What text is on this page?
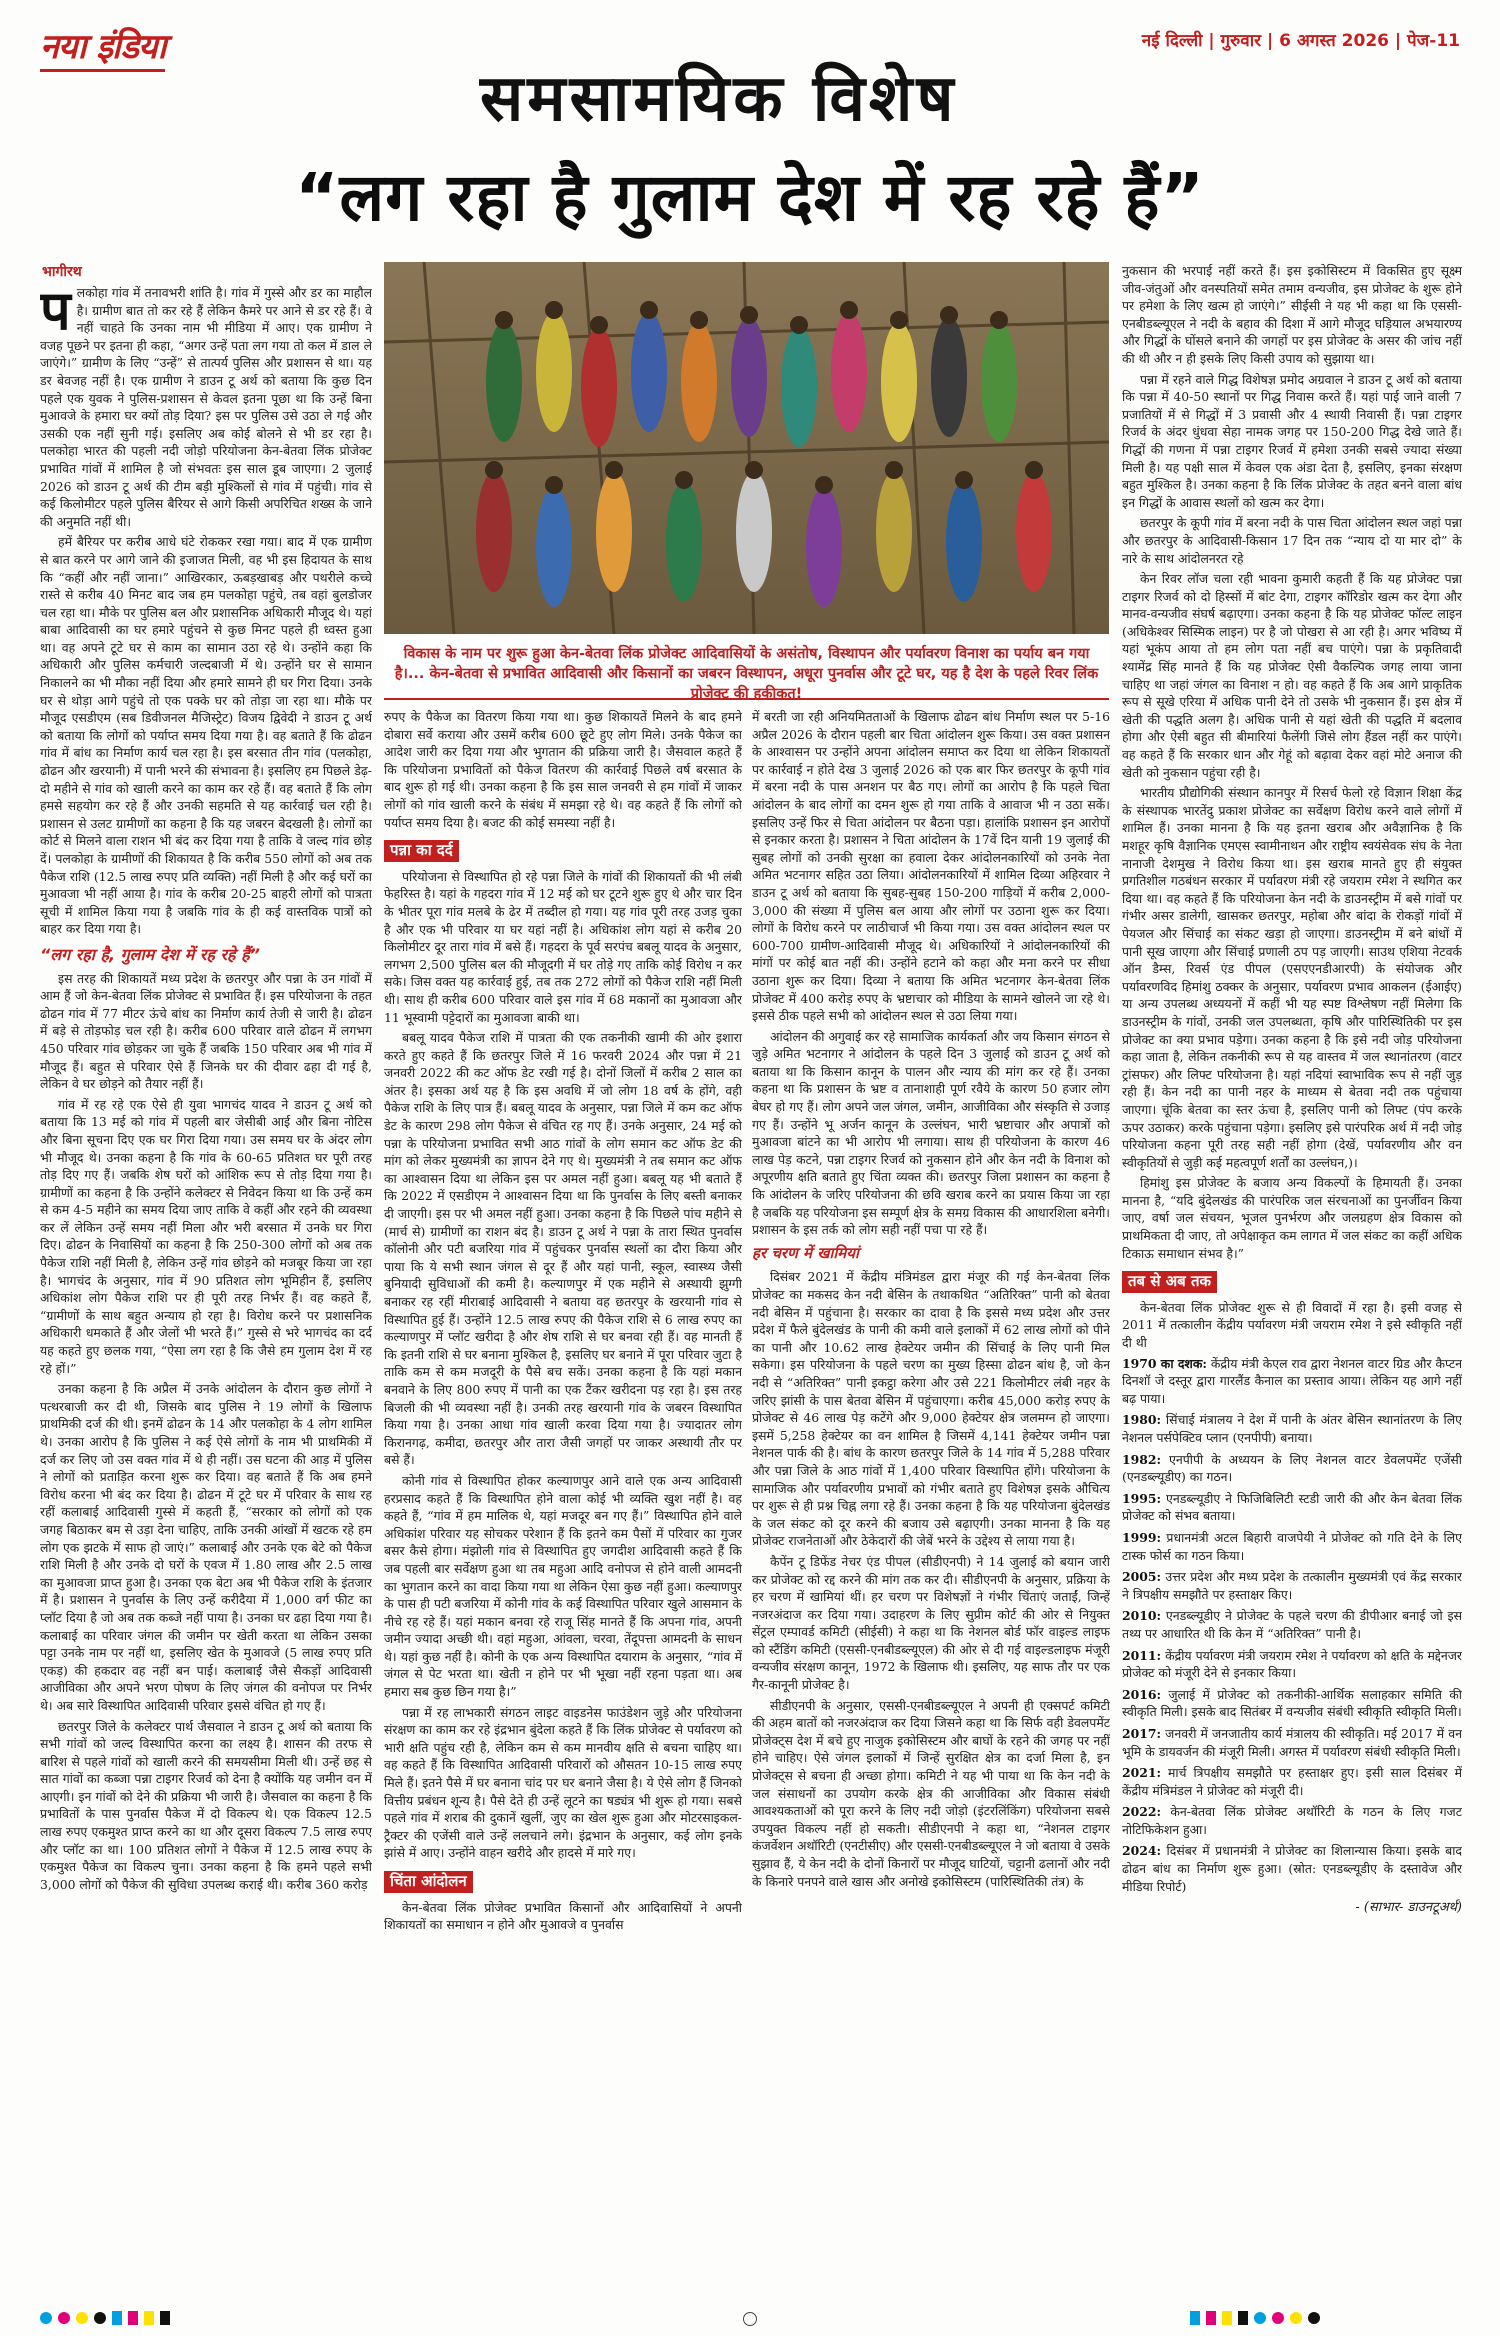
नया इंडिया
समसामयिक विशेष
नई दिल्ली | गुरुवार | 6 अगस्त 2026 | पेज-11
“लग रहा है गुलाम देश में रह रहे हैं”
भागीरथ

पलकोहा गांव में तनावभरी शांति है। गांव में गुस्से और डर का माहौल है। ग्रामीण बात तो कर रहे हैं लेकिन कैमरे पर आने से डर रहे हैं। वे नहीं चाहते कि उनका नाम भी मीडिया में आए। एक ग्रामीण ने वजह पूछने पर इतना ही कहा, “अगर उन्हें पता लग गया तो कल में डाल ले जाएंगे।” ग्रामीण के लिए “उन्हें” से तात्पर्य पुलिस और प्रशासन से था। यह डर बेवजह नहीं है। एक ग्रामीण ने डाउन टू अर्थ को बताया कि कुछ दिन पहले एक युवक ने पुलिस-प्रशासन से केवल इतना पूछा था कि उन्हें बिना मुआवजे के हमारा घर क्यों तोड़ दिया? इस पर पुलिस उसे उठा ले गई और उसकी एक नहीं सुनी गई। इसलिए अब कोई बोलने से भी डर रहा है। पलकोहा भारत की पहली नदी जोड़ो परियोजना केन-बेतवा लिंक प्रोजेक्ट प्रभावित गांवों में शामिल है जो संभवतः इस साल डूब जाएगा। 2 जुलाई 2026 को डाउन टू अर्थ की टीम बड़ी मुश्किलों से गांव में पहुंची। गांव से कई किलोमीटर पहले पुलिस बैरियर से आगे किसी अपरिचित शख्स के जाने की अनुमति नहीं थी।

हमें बैरियर पर करीब आधे घंटे रोककर रखा गया। बाद में एक ग्रामीण से बात करने पर आगे जाने की इजाजत मिली, वह भी इस हिदायत के साथ कि “कहीं और नहीं जाना।” आखिरकार, ऊबड़खाबड़ और पथरीले कच्चे रास्ते से करीब 40 मिनट बाद जब हम पलकोहा पहुंचे, तब वहां बुलडोजर चल रहा था। मौके पर पुलिस बल और प्रशासनिक अधिकारी मौजूद थे। यहां बाबा आदिवासी का घर हमारे पहुंचने से कुछ मिनट पहले ही ध्वस्त हुआ था। वह अपने टूटे घर से काम का सामान उठा रहे थे। उन्होंने कहा कि अधिकारी और पुलिस कर्मचारी जल्दबाजी में थे। उन्होंने घर से सामान निकालने का भी मौका नहीं दिया और हमारे सामने ही घर गिरा दिया। उनके घर से थोड़ा आगे पहुंचे तो एक पक्के घर को तोड़ा जा रहा था। मौके पर मौजूद एसडीएम (सब डिवीजनल मैजिस्ट्रेट) विजय द्विवेदी ने डाउन टू अर्थ को बताया कि लोगों को पर्याप्त समय दिया गया है। वह बताते हैं कि ढोढन गांव में बांध का निर्माण कार्य चल रहा है। इस बरसात तीन गांव (पलकोहा, ढोढन और खरयानी) में पानी भरने की संभावना है। इसलिए हम पिछले डेढ़-दो महीने से गांव को खाली करने का काम कर रहे हैं। वह बताते हैं कि लोग हमसे सहयोग कर रहे हैं और उनकी सहमति से यह कार्रवाई चल रही है। प्रशासन से उलट ग्रामीणों का कहना है कि यह जबरन बेदखली है। लोगों का कोर्ट से मिलने वाला राशन भी बंद कर दिया गया है ताकि वे जल्द गांव छोड़ दें। पलकोहा के ग्रामीणों की शिकायत है कि करीब 550 लोगों को अब तक पैकेज राशि (12.5 लाख रुपए प्रति व्यक्ति) नहीं मिली है और कई घरों का मुआवजा भी नहीं आया है। गांव के करीब 20-25 बाहरी लोगों को पात्रता सूची में शामिल किया गया है जबकि गांव के ही कई वास्तविक पात्रों को बाहर कर दिया गया है।

“लग रहा है, गुलाम देश में रह रहे हैं”

इस तरह की शिकायतें मध्य प्रदेश के छतरपुर और पन्ना के उन गांवों में आम हैं जो केन-बेतवा लिंक प्रोजेक्ट से प्रभावित हैं। इस परियोजना के तहत ढोढन गांव में 77 मीटर ऊंचे बांध का निर्माण कार्य तेजी से जारी है। ढोढन में बड़े से तोड़फोड़ चल रही है। करीब 600 परिवार वाले ढोढन में लगभग 450 परिवार गांव छोड़कर जा चुके हैं जबकि 150 परिवार अब भी गांव में मौजूद हैं। बहुत से परिवार ऐसे हैं जिनके घर की दीवार ढहा दी गई है, लेकिन वे घर छोड़ने को तैयार नहीं हैं।

गांव में रह रहे एक ऐसे ही युवा भागचंद यादव ने डाउन टू अर्थ को बताया कि 13 मई को गांव में पहली बार जेसीबी आई और बिना नोटिस और बिना सूचना दिए एक घर गिरा दिया गया। उस समय घर के अंदर लोग भी मौजूद थे। उनका कहना है कि गांव के 60-65 प्रतिशत घर पूरी तरह तोड़ दिए गए हैं। जबकि शेष घरों को आंशिक रूप से तोड़ दिया गया है। ग्रामीणों का कहना है कि उन्होंने कलेक्टर से निवेदन किया था कि उन्हें कम से कम 4-5 महीने का समय दिया जाए ताकि वे कहीं और रहने की व्यवस्था कर लें लेकिन उन्हें समय नहीं मिला और भरी बरसात में उनके घर गिरा दिए। ढोढन के निवासियों का कहना है कि 250-300 लोगों को अब तक पैकेज राशि नहीं मिली है, लेकिन उन्हें गांव छोड़ने को मजबूर किया जा रहा है। भागचंद के अनुसार, गांव में 90 प्रतिशत लोग भूमिहीन हैं, इसलिए अधिकांश लोग पैकेज राशि पर ही पूरी तरह निर्भर हैं। वह कहते हैं, “ग्रामीणों के साथ बहुत अन्याय हो रहा है। विरोध करने पर प्रशासनिक अधिकारी धमकाते हैं और जेलों भी भरते हैं।” गुस्से से भरे भागचंद का दर्द यह कहते हुए छलक गया, “ऐसा लग रहा है कि जैसे हम गुलाम देश में रह रहे हों।”

उनका कहना है कि अप्रैल में उनके आंदोलन के दौरान कुछ लोगों ने पत्थरबाजी कर दी थी, जिसके बाद पुलिस ने 19 लोगों के खिलाफ प्राथमिकी दर्ज की थी। इनमें ढोढन के 14 और पलकोहा के 4 लोग शामिल थे। उनका आरोप है कि पुलिस ने कई ऐसे लोगों के नाम भी प्राथमिकी में दर्ज कर लिए जो उस वक्त गांव में थे ही नहीं। उस घटना की आड़ में पुलिस ने लोगों को प्रताड़ित करना शुरू कर दिया। वह बताते हैं कि अब हमने विरोध करना भी बंद कर दिया है। ढोढन में टूटे घर में परिवार के साथ रह रहीं कलाबाई आदिवासी गुस्से में कहती हैं, “सरकार को लोगों को एक जगह बिठाकर बम से उड़ा देना चाहिए, ताकि उनकी आंखों में खटक रहे हम लोग एक झटके में साफ हो जाएं।” कलाबाई और उनके एक बेटे को पैकेज राशि मिली है और उनके दो घरों के एवज में 1.80 लाख और 2.5 लाख का मुआवजा प्राप्त हुआ है। उनका एक बेटा अब भी पैकेज राशि के इंतजार में है। प्रशासन ने पुनर्वास के लिए उन्हें करीदैया में 1,000 वर्ग फीट का प्लॉट दिया है जो अब तक कब्जे नहीं पाया है। उनका घर ढहा दिया गया है। कलाबाई का परिवार जंगल की जमीन पर खेती करता था लेकिन उसका पट्टा उनके नाम पर नहीं था, इसलिए खेत के मुआवजे (5 लाख रुपए प्रति एकड़) की हकदार वह नहीं बन पाई। कलाबाई जैसे सैकड़ों आदिवासी आजीविका और अपने भरण पोषण के लिए जंगल की वनोपज पर निर्भर थे। अब सारे विस्थापित आदिवासी परिवार इससे वंचित हो गए हैं।

छतरपुर जिले के कलेक्टर पार्थ जैसवाल ने डाउन टू अर्थ को बताया कि सभी गांवों को जल्द विस्थापित करना का लक्ष्य है। शासन की तरफ से बारिश से पहले गांवों को खाली करने की समयसीमा मिली थी। उन्हें छह से सात गांवों का कब्जा पन्ना टाइगर रिजर्व को देना है क्योंकि यह जमीन वन में आएगी। इन गांवों को देने की प्रक्रिया भी जारी है। जैसवाल का कहना है कि प्रभावितों के पास पुनर्वास पैकेज में दो विकल्प थे। एक विकल्प 12.5 लाख रुपए एकमुश्त प्राप्त करने का था और दूसरा विकल्प 7.5 लाख रुपए और प्लॉट का था। 100 प्रतिशत लोगों ने पैकेज में 12.5 लाख रुपए के एकमुश्त पैकेज का विकल्प चुना। उनका कहना है कि हमने पहले सभी 3,000 लोगों को पैकेज की सुविधा उपलब्ध कराई थी। करीब 360 करोड़

विकास के नाम पर शुरू हुआ केन-बेतवा लिंक प्रोजेक्ट आदिवासियों के असंतोष, विस्थापन और पर्यावरण विनाश का पर्याय बन गया है।... केन-बेतवा से प्रभावित आदिवासी और किसानों का जबरन विस्थापन, अधूरा पुनर्वास और टूटे घर, यह है देश के पहले रिवर लिंक प्रोजेक्ट की हकीकत!

रुपए के पैकेज का वितरण किया गया था। कुछ शिकायतें मिलने के बाद हमने दोबारा सर्वे कराया और उसमें करीब 600 छूटे हुए लोग मिले। उनके पैकेज का आदेश जारी कर दिया गया और भुगतान की प्रक्रिया जारी है। जैसवाल कहते हैं कि परियोजना प्रभावितों को पैकेज वितरण की कार्रवाई पिछले वर्ष बरसात के बाद शुरू हो गई थी। उनका कहना है कि इस साल जनवरी से हम गांवों में जाकर लोगों को गांव खाली करने के संबंध में समझा रहे थे। वह कहते हैं कि लोगों को पर्याप्त समय दिया है। बजट की कोई समस्या नहीं है।

पन्ना का दर्द

परियोजना से विस्थापित हो रहे पन्ना जिले के गांवों की शिकायतों की भी लंबी फेहरिस्त है। यहां के गहदरा गांव में 12 मई को घर टूटने शुरू हुए थे और चार दिन के भीतर पूरा गांव मलबे के ढेर में तब्दील हो गया। यह गांव पूरी तरह उजड़ चुका है और एक भी परिवार या घर यहां नहीं है। अधिकांश लोग यहां से करीब 20 किलोमीटर दूर तारा गांव में बसे हैं। गहदरा के पूर्व सरपंच बबलू यादव के अनुसार, लगभग 2,500 पुलिस बल की मौजूदगी में घर तोड़े गए ताकि कोई विरोध न कर सके। जिस वक्त यह कार्रवाई हुई, तब तक 272 लोगों को पैकेज राशि नहीं मिली थी। साथ ही करीब 600 परिवार वाले इस गांव में 68 मकानों का मुआवजा और 11 भूस्वामी पट्टेदारों का मुआवजा बाकी था।

बबलू यादव पैकेज राशि में पात्रता की एक तकनीकी खामी की ओर इशारा करते हुए कहते हैं कि छतरपुर जिले में 16 फरवरी 2024 और पन्ना में 21 जनवरी 2022 की कट ऑफ डेट रखी गई है। दोनों जिलों में करीब 2 साल का अंतर है। इसका अर्थ यह है कि इस अवधि में जो लोग 18 वर्ष के होंगे, वही पैकेज राशि के लिए पात्र हैं। बबलू यादव के अनुसार, पन्ना जिले में कम कट ऑफ डेट के कारण 298 लोग पैकेज से वंचित रह गए हैं। उनके अनुसार, 24 मई को पन्ना के परियोजना प्रभावित सभी आठ गांवों के लोग समान कट ऑफ डेट की मांग को लेकर मुख्यमंत्री का ज्ञापन देने गए थे। मुख्यमंत्री ने तब समान कट ऑफ का आश्वासन दिया था लेकिन इस पर अमल नहीं हुआ। बबलू यह भी बताते हैं कि 2022 में एसडीएम ने आश्वासन दिया था कि पुनर्वास के लिए बस्ती बनाकर दी जाएगी। इस पर भी अमल नहीं हुआ। उनका कहना है कि पिछले पांच महीने से (मार्च से) ग्रामीणों का राशन बंद है। डाउन टू अर्थ ने पन्ना के तारा स्थित पुनर्वास कॉलोनी और पटी बजरिया गांव में पहुंचकर पुनर्वास स्थलों का दौरा किया और पाया कि ये सभी स्थान जंगल से दूर हैं और यहां पानी, स्कूल, स्वास्थ्य जैसी बुनियादी सुविधाओं की कमी है। कल्याणपुर में एक महीने से अस्थायी झुग्गी बनाकर रह रहीं मीराबाई आदिवासी ने बताया वह छतरपुर के खरयानी गांव से विस्थापित हुई हैं। उन्होंने 12.5 लाख रुपए की पैकेज राशि से 6 लाख रुपए का कल्याणपुर में प्लॉट खरीदा है और शेष राशि से घर बनवा रही हैं। वह मानती हैं कि इतनी राशि से घर बनाना मुश्किल है, इसलिए घर बनाने में पूरा परिवार जुटा है ताकि कम से कम मजदूरी के पैसे बच सकें। उनका कहना है कि यहां मकान बनवाने के लिए 800 रुपए में पानी का एक टैंकर खरीदना पड़ रहा है। इस तरह बिजली की भी व्यवस्था नहीं है। उनकी तरह खरयानी गांव के जबरन विस्थापित किया गया है। उनका आधा गांव खाली करवा दिया गया है। ज्यादातर लोग किरानगढ़, कमीदा, छतरपुर और तारा जैसी जगहों पर जाकर अस्थायी तौर पर बसे हैं।

कोनी गांव से विस्थापित होकर कल्याणपुर आने वाले एक अन्य आदिवासी हरप्रसाद कहते हैं कि विस्थापित होने वाला कोई भी व्यक्ति खुश नहीं है। वह कहते हैं, “गांव में हम मालिक थे, यहां मजदूर बन गए हैं।” विस्थापित होने वाले अधिकांश परिवार यह सोचकर परेशान हैं कि इतने कम पैसों में परिवार का गुजर बसर कैसे होगा। मंझोली गांव से विस्थापित हुए जगदीश आदिवासी कहते हैं कि जब पहली बार सर्वेक्षण हुआ था तब महुआ आदि वनोपज से होने वाली आमदनी का भुगतान करने का वादा किया गया था लेकिन ऐसा कुछ नहीं हुआ। कल्याणपुर के पास ही पटी बजरिया में कोनी गांव के कई विस्थापित परिवार खुले आसमान के नीचे रह रहे हैं। यहां मकान बनवा रहे राजू सिंह मानते हैं कि अपना गांव, अपनी जमीन ज्यादा अच्छी थी। वहां महुआ, आंवला, चरवा, तेंदूपत्ता आमदनी के साधन थे। यहां कुछ नहीं है। कोनी के एक अन्य विस्थापित दयाराम के अनुसार, “गांव में जंगल से पेट भरता था। खेती न होने पर भी भूखा नहीं रहना पड़ता था। अब हमारा सब कुछ छिन गया है।”

पन्ना में रह लाभकारी संगठन लाइट वाइडनेस फाउंडेशन जुड़े और परियोजना संरक्षण का काम कर रहे इंद्रभान बुंदेला कहते हैं कि लिंक प्रोजेक्ट से पर्यावरण को भारी क्षति पहुंच रही है, लेकिन कम से कम मानवीय क्षति से बचना चाहिए था। वह कहते हैं कि विस्थापित आदिवासी परिवारों को औसतन 10-15 लाख रुपए मिले हैं। इतने पैसे में घर बनाना चांद पर घर बनाने जैसा है। ये ऐसे लोग हैं जिनको वित्तीय प्रबंधन शून्य है। पैसे देते ही उन्हें लूटने का षड्यंत्र भी शुरू हो गया। सबसे पहले गांव में शराब की दुकानें खुलीं, जुए का खेल शुरू हुआ और मोटरसाइकल-ट्रैक्टर की एजेंसी वाले उन्हें ललचाने लगे। इंद्रभान के अनुसार, कई लोग इनके झांसे में आए। उन्होंने वाहन खरीदे और हादसे में मारे गए।

चिंता आंदोलन

केन-बेतवा लिंक प्रोजेक्ट प्रभावित किसानों और आदिवासियों ने अपनी शिकायतों का समाधान न होने और मुआवजे व पुनर्वास

में बरती जा रही अनियमितताओं के खिलाफ ढोढन बांध निर्माण स्थल पर 5-16 अप्रैल 2026 के दौरान पहली बार चिता आंदोलन शुरू किया। उस वक्त प्रशासन के आश्वासन पर उन्होंने अपना आंदोलन समाप्त कर दिया था लेकिन शिकायतों पर कार्रवाई न होते देख 3 जुलाई 2026 को एक बार फिर छतरपुर के कूपी गांव में बरना नदी के पास अनशन पर बैठ गए। लोगों का आरोप है कि पहले चिता आंदोलन के बाद लोगों का दमन शुरू हो गया ताकि वे आवाज भी न उठा सकें। इसलिए उन्हें फिर से चिता आंदोलन पर बैठना पड़ा। हालांकि प्रशासन इन आरोपों से इनकार करता है। प्रशासन ने चिता आंदोलन के 17वें दिन यानी 19 जुलाई की सुबह लोगों को उनकी सुरक्षा का हवाला देकर आंदोलनकारियों को उनके नेता अमित भटनागर सहित उठा लिया। आंदोलनकारियों में शामिल दिव्या अहिरवार ने डाउन टू अर्थ को बताया कि सुबह-सुबह 150-200 गाड़ियों में करीब 2,000-3,000 की संख्या में पुलिस बल आया और लोगों पर उठाना शुरू कर दिया। लोगों के विरोध करने पर लाठीचार्ज भी किया गया। उस वक्त आंदोलन स्थल पर 600-700 ग्रामीण-आदिवासी मौजूद थे। अधिकारियों ने आंदोलनकारियों की मांगों पर कोई बात नहीं की। उन्होंने हटाने को कहा और मना करने पर सीधा उठाना शुरू कर दिया। दिव्या ने बताया कि अमित भटनागर केन-बेतवा लिंक प्रोजेक्ट में 400 करोड़ रुपए के भ्रष्टाचार को मीडिया के सामने खोलने जा रहे थे। इससे ठीक पहले सभी को आंदोलन स्थल से उठा लिया गया।

आंदोलन की अगुवाई कर रहे सामाजिक कार्यकर्ता और जय किसान संगठन से जुड़े अमित भटनागर ने आंदोलन के पहले दिन 3 जुलाई को डाउन टू अर्थ को बताया था कि किसान कानून के पालन और न्याय की मांग कर रहे हैं। उनका कहना था कि प्रशासन के भ्रष्ट व तानाशाही पूर्ण रवैये के कारण 50 हजार लोग बेघर हो गए हैं। लोग अपने जल जंगल, जमीन, आजीविका और संस्कृति से उजाड़ गए हैं। उन्होंने भू अर्जन कानून के उल्लंघन, भारी भ्रष्टाचार और अपात्रों को मुआवजा बांटने का भी आरोप भी लगाया। साथ ही परियोजना के कारण 46 लाख पेड़ कटने, पन्ना टाइगर रिजर्व को नुकसान होने और केन नदी के विनाश को अपूरणीय क्षति बताते हुए चिंता व्यक्त की। छतरपुर जिला प्रशासन का कहना है कि आंदोलन के जरिए परियोजना की छवि खराब करने का प्रयास किया जा रहा है जबकि यह परियोजना इस सम्पूर्ण क्षेत्र के समग्र विकास की आधारशिला बनेगी। प्रशासन के इस तर्क को लोग सही नहीं पचा पा रहे हैं।

हर चरण में खामियां

दिसंबर 2021 में केंद्रीय मंत्रिमंडल द्वारा मंजूर की गई केन-बेतवा लिंक प्रोजेक्ट का मकसद केन नदी बेसिन के तथाकथित “अतिरिक्त” पानी को बेतवा नदी बेसिन में पहुंचाना है। सरकार का दावा है कि इससे मध्य प्रदेश और उत्तर प्रदेश में फैले बुंदेलखंड के पानी की कमी वाले इलाकों में 62 लाख लोगों को पीने का पानी और 10.62 लाख हेक्टेयर जमीन की सिंचाई के लिए पानी मिल सकेगा। इस परियोजना के पहले चरण का मुख्य हिस्सा ढोढन बांध है, जो केन नदी से “अतिरिक्त” पानी इकट्ठा करेगा और उसे 221 किलोमीटर लंबी नहर के जरिए झांसी के पास बेतवा बेसिन में पहुंचाएगा। करीब 45,000 करोड़ रुपए के प्रोजेक्ट से 46 लाख पेड़ कटेंगे और 9,000 हेक्टेयर क्षेत्र जलमग्न हो जाएगा। इसमें 5,258 हेक्टेयर का वन शामिल है जिसमें 4,141 हेक्टेयर जमीन पन्ना नेशनल पार्क की है। बांध के कारण छतरपुर जिले के 14 गांव में 5,288 परिवार और पन्ना जिले के आठ गांवों में 1,400 परिवार विस्थापित होंगे। परियोजना के सामाजिक और पर्यावरणीय प्रभावों को गंभीर बताते हुए विशेषज्ञ इसके औचित्य पर शुरू से ही प्रश्न चिह्न लगा रहे हैं। उनका कहना है कि यह परियोजना बुंदेलखंड के जल संकट को दूर करने की बजाय उसे बढ़ाएगी। उनका मानना है कि यह प्रोजेक्ट राजनेताओं और ठेकेदारों की जेबें भरने के उद्देश्य से लाया गया है।

कैपेंन टू डिफेंड नेचर एंड पीपल (सीडीएनपी) ने 14 जुलाई को बयान जारी कर प्रोजेक्ट को रद्द करने की मांग तक कर दी। सीडीएनपी के अनुसार, प्रक्रिया के हर चरण में खामियां थीं। हर चरण पर विशेषज्ञों ने गंभीर चिंताएं जताईं, जिन्हें नजरअंदाज कर दिया गया। उदाहरण के लिए सुप्रीम कोर्ट की ओर से नियुक्त सेंट्रल एम्पावर्ड कमिटी (सीईसी) ने कहा था कि नेशनल बोर्ड फॉर वाइल्ड लाइफ को स्टैंडिंग कमिटी (एससी-एनबीडब्ल्यूएल) की ओर से दी गई वाइल्डलाइफ मंजूरी वन्यजीव संरक्षण कानून, 1972 के खिलाफ थी। इसलिए, यह साफ तौर पर एक गैर-कानूनी प्रोजेक्ट है।

सीडीएनपी के अनुसार, एससी-एनबीडब्ल्यूएल ने अपनी ही एक्सपर्ट कमिटी की अहम बातों को नजरअंदाज कर दिया जिसने कहा था कि सिर्फ वही डेवलपमेंट प्रोजेक्ट्स देश में बचे हुए नाजुक इकोसिस्टम और बाघों के रहने की जगह पर नहीं होने चाहिए। ऐसे जंगल इलाकों में जिन्हें सुरक्षित क्षेत्र का दर्जा मिला है, इन प्रोजेक्ट्स से बचना ही अच्छा होगा। कमिटी ने यह भी पाया था कि केन नदी के जल संसाधनों का उपयोग करके क्षेत्र की आजीविका और विकास संबंधी आवश्यकताओं को पूरा करने के लिए नदी जोड़ो (इंटरलिंकिंग) परियोजना सबसे उपयुक्त विकल्प नहीं हो सकती। सीडीएनपी ने कहा था, “नेशनल टाइगर कंजर्वेशन अथॉरिटी (एनटीसीए) और एससी-एनबीडब्ल्यूएल ने जो बताया वे उसके सुझाव हैं, ये केन नदी के दोनों किनारों पर मौजूद घाटियों, चट्टानी ढलानों और नदी के किनारे पनपने वाले खास और अनोखे इकोसिस्टम (पारिस्थितिकी तंत्र) के

नुकसान की भरपाई नहीं करते हैं। इस इकोसिस्टम में विकसित हुए सूक्ष्म जीव-जंतुओं और वनस्पतियों समेत तमाम वन्यजीव, इस प्रोजेक्ट के शुरू होने पर हमेशा के लिए खत्म हो जाएंगे।” सीईसी ने यह भी कहा था कि एससी-एनबीडब्ल्यूएल ने नदी के बहाव की दिशा में आगे मौजूद घड़ियाल अभयारण्य और गिद्धों के घोंसले बनाने की जगहों पर इस प्रोजेक्ट के असर की जांच नहीं की थी और न ही इसके लिए किसी उपाय को सुझाया था।

पन्ना में रहने वाले गिद्ध विशेषज्ञ प्रमोद अग्रवाल ने डाउन टू अर्थ को बताया कि पन्ना में 40-50 स्थानों पर गिद्ध निवास करते हैं। यहां पाई जाने वाली 7 प्रजातियों में से गिद्धों में 3 प्रवासी और 4 स्थायी निवासी हैं। पन्ना टाइगर रिजर्व के अंदर धुंधवा सेहा नामक जगह पर 150-200 गिद्ध देखे जाते हैं। गिद्धों की गणना में पन्ना टाइगर रिजर्व में हमेशा उनकी सबसे ज्यादा संख्या मिली है। यह पक्षी साल में केवल एक अंडा देता है, इसलिए, इनका संरक्षण बहुत मुश्किल है। उनका कहना है कि लिंक प्रोजेक्ट के तहत बनने वाला बांध इन गिद्धों के आवास स्थलों को खत्म कर देगा।

छतरपुर के कूपी गांव में बरना नदी के पास चिता आंदोलन स्थल जहां पन्ना और छतरपुर के आदिवासी-किसान 17 दिन तक “न्याय दो या मार दो” के नारे के साथ आंदोलनरत रहे

केन रिवर लॉज चला रही भावना कुमारी कहती हैं कि यह प्रोजेक्ट पन्ना टाइगर रिजर्व को दो हिस्सों में बांट देगा, टाइगर कॉरिडोर खत्म कर देगा और मानव-वन्यजीव संघर्ष बढ़ाएगा। उनका कहना है कि यह प्रोजेक्ट फॉल्ट लाइन (अधिकेश्वर सिस्मिक लाइन) पर है जो पोखरा से आ रही है। अगर भविष्य में यहां भूकंप आया तो हम लोग पता नहीं बच पाएंगे। पन्ना के प्रकृतिवादी श्यामेंद्र सिंह मानते हैं कि यह प्रोजेक्ट ऐसी वैकल्पिक जगह लाया जाना चाहिए था जहां जंगल का विनाश न हो। वह कहते हैं कि अब आगे प्राकृतिक रूप से सूखे एरिया में अधिक पानी देने तो उसके भी नुकसान हैं। इस क्षेत्र में खेती की पद्धति अलग है। अधिक पानी से यहां खेती की पद्धति में बदलाव होगा और ऐसी बहुत सी बीमारियां फैलेंगी जिसे लोग हैंडल नहीं कर पाएंगे। वह कहते हैं कि सरकार धान और गेहूं को बढ़ावा देकर वहां मोटे अनाज की खेती को नुकसान पहुंचा रही है।

भारतीय प्रौद्योगिकी संस्थान कानपुर में रिसर्च फेलो रहे विज्ञान शिक्षा केंद्र के संस्थापक भारतेंदु प्रकाश प्रोजेक्ट का सर्वेक्षण विरोध करने वाले लोगों में शामिल हैं। उनका मानना है कि यह इतना खराब और अवैज्ञानिक है कि मशहूर कृषि वैज्ञानिक एमएस स्वामीनाथन और राष्ट्रीय स्वयंसेवक संघ के नेता नानाजी देशमुख ने विरोध किया था। इस खराब मानते हुए ही संयुक्त प्रगतिशील गठबंधन सरकार में पर्यावरण मंत्री रहे जयराम रमेश ने स्थगित कर दिया था। वह कहते हैं कि परियोजना केन नदी के डाउनस्ट्रीम में बसे गांवों पर गंभीर असर डालेगी, खासकर छतरपुर, महोबा और बांदा के रोकड़ों गांवों में पेयजल और सिंचाई का संकट खड़ा हो जाएगा। डाउनस्ट्रीम में बने बांधों में पानी सूख जाएगा और सिंचाई प्रणाली ठप पड़ जाएगी। साउथ एशिया नेटवर्क ऑन डैम्स, रिवर्स एंड पीपल (एसएएनडीआरपी) के संयोजक और पर्यावरणविद हिमांशु ठक्कर के अनुसार, पर्यावरण प्रभाव आकलन (ईआईए) या अन्य उपलब्ध अध्ययनों में कहीं भी यह स्पष्ट विश्लेषण नहीं मिलेगा कि डाउनस्ट्रीम के गांवों, उनकी जल उपलब्धता, कृषि और पारिस्थितिकी पर इस प्रोजेक्ट का क्या प्रभाव पड़ेगा। उनका कहना है कि इसे नदी जोड़ परियोजना कहा जाता है, लेकिन तकनीकी रूप से यह वास्तव में जल स्थानांतरण (वाटर ट्रांसफर) और लिफ्ट परियोजना है। यहां नदियां स्वाभाविक रूप से नहीं जुड़ रही हैं। केन नदी का पानी नहर के माध्यम से बेतवा नदी तक पहुंचाया जाएगा। चूंकि बेतवा का स्तर ऊंचा है, इसलिए पानी को लिफ्ट (पंप करके ऊपर उठाकर) करके पहुंचाना पड़ेगा। इसलिए इसे पारंपरिक अर्थ में नदी जोड़ परियोजना कहना पूरी तरह सही नहीं होगा (देखें, पर्यावरणीय और वन स्वीकृतियों से जुड़ी कई महत्वपूर्ण शर्तों का उल्लंघन,)।

हिमांशु इस प्रोजेक्ट के बजाय अन्य विकल्पों के हिमायती हैं। उनका मानना है, “यदि बुंदेलखंड की पारंपरिक जल संरचनाओं का पुनर्जीवन किया जाए, वर्षा जल संचयन, भूजल पुनर्भरण और जलग्रहण क्षेत्र विकास को प्राथमिकता दी जाए, तो अपेक्षाकृत कम लागत में जल संकट का कहीं अधिक टिकाऊ समाधान संभव है।”

तब से अब तक

केन-बेतवा लिंक प्रोजेक्ट शुरू से ही विवादों में रहा है। इसी वजह से 2011 में तत्कालीन केंद्रीय पर्यावरण मंत्री जयराम रमेश ने इसे स्वीकृति नहीं दी थी

1970 का दशक: केंद्रीय मंत्री केएल राव द्वारा नेशनल वाटर ग्रिड और कैप्टन दिनशॉ जे दस्तूर द्वारा गारलैंड कैनाल का प्रस्ताव आया। लेकिन यह आगे नहीं बढ़ पाया।

1980: सिंचाई मंत्रालय ने देश में पानी के अंतर बेसिन स्थानांतरण के लिए नेशनल पर्सपेक्टिव प्लान (एनपीपी) बनाया।

1982: एनपीपी के अध्ययन के लिए नेशनल वाटर डेवलपमेंट एजेंसी (एनडब्ल्यूडीए) का गठन।

1995: एनडब्ल्यूडीए ने फिजिबिलिटी स्टडी जारी की और केन बेतवा लिंक प्रोजेक्ट को संभव बताया।

1999: प्रधानमंत्री अटल बिहारी वाजपेयी ने प्रोजेक्ट को गति देने के लिए टास्क फोर्स का गठन किया।

2005: उत्तर प्रदेश और मध्य प्रदेश के तत्कालीन मुख्यमंत्री एवं केंद्र सरकार ने त्रिपक्षीय समझौते पर हस्ताक्षर किए।

2010: एनडब्ल्यूडीए ने प्रोजेक्ट के पहले चरण की डीपीआर बनाई जो इस तथ्य पर आधारित थी कि केन में “अतिरिक्त” पानी है।

2011: केंद्रीय पर्यावरण मंत्री जयराम रमेश ने पर्यावरण को क्षति के मद्देनजर प्रोजेक्ट को मंजूरी देने से इनकार किया।

2016: जुलाई में प्रोजेक्ट को तकनीकी-आर्थिक सलाहकार समिति की स्वीकृति मिली। इसके बाद सितंबर में वन्यजीव संबंधी स्वीकृति स्वीकृति मिली।

2017: जनवरी में जनजातीय कार्य मंत्रालय की स्वीकृति। मई 2017 में वन भूमि के डायवर्जन की मंजूरी मिली। अगस्त में पर्यावरण संबंधी स्वीकृति मिली।

2021: मार्च त्रिपक्षीय समझौते पर हस्ताक्षर हुए। इसी साल दिसंबर में केंद्रीय मंत्रिमंडल ने प्रोजेक्ट को मंजूरी दी।

2022: केन-बेतवा लिंक प्रोजेक्ट अथॉरिटी के गठन के लिए गजट नोटिफिकेशन हुआ।

2024: दिसंबर में प्रधानमंत्री ने प्रोजेक्ट का शिलान्यास किया। इसके बाद ढोढन बांध का निर्माण शुरू हुआ। (स्रोत: एनडब्ल्यूडीए के दस्तावेज और मीडिया रिपोर्ट)

- (साभार- डाउनटूअर्थ)
